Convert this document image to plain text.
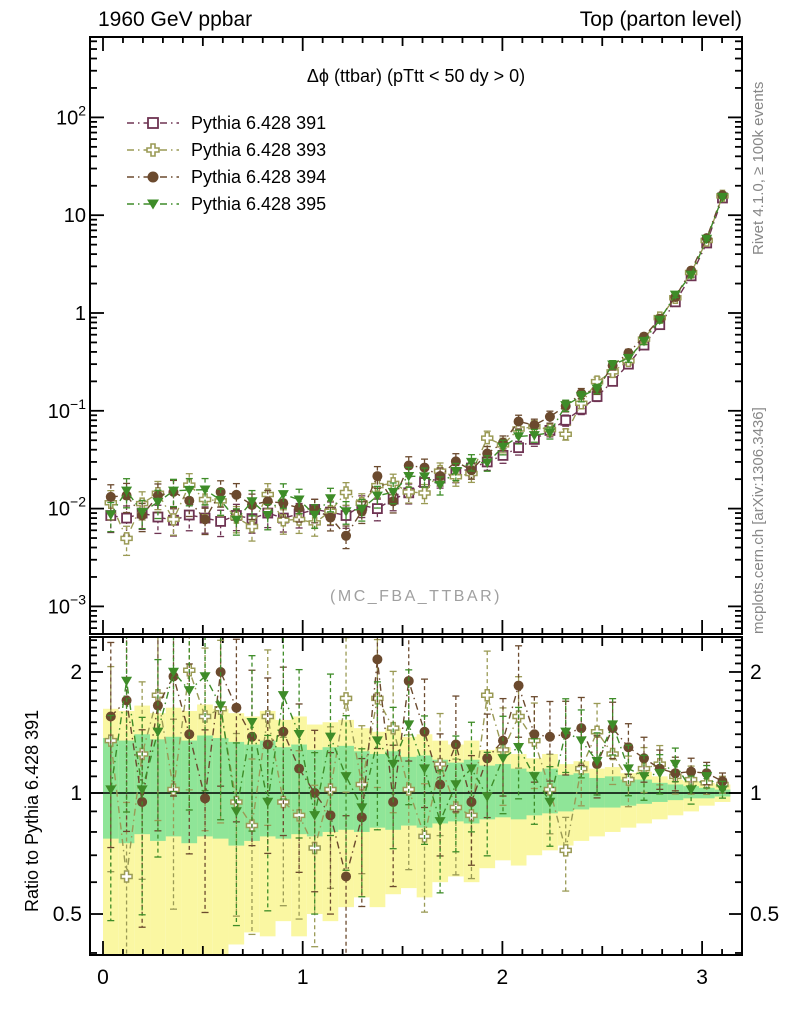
1960 GeV ppbar	Top (parton level)
Δϕ (ttbar) (pTtt < 50 dy > 0)
Pythia 6.428 391
Pythia 6.428 393
Pythia 6.428 394
Pythia 6.428 395
(MC_FBA_TTBAR)
Rivet 4.1.0, ≥ 100k events
mcplots.cern.ch [arXiv:1306.3436]
Ratio to Pythia 6.428 391
0	1	2	3
$10^2$
10
1
$10^{-1}$
$10^{-2}$
$10^{-3}$
2	2
1	1
0.5	0.5
